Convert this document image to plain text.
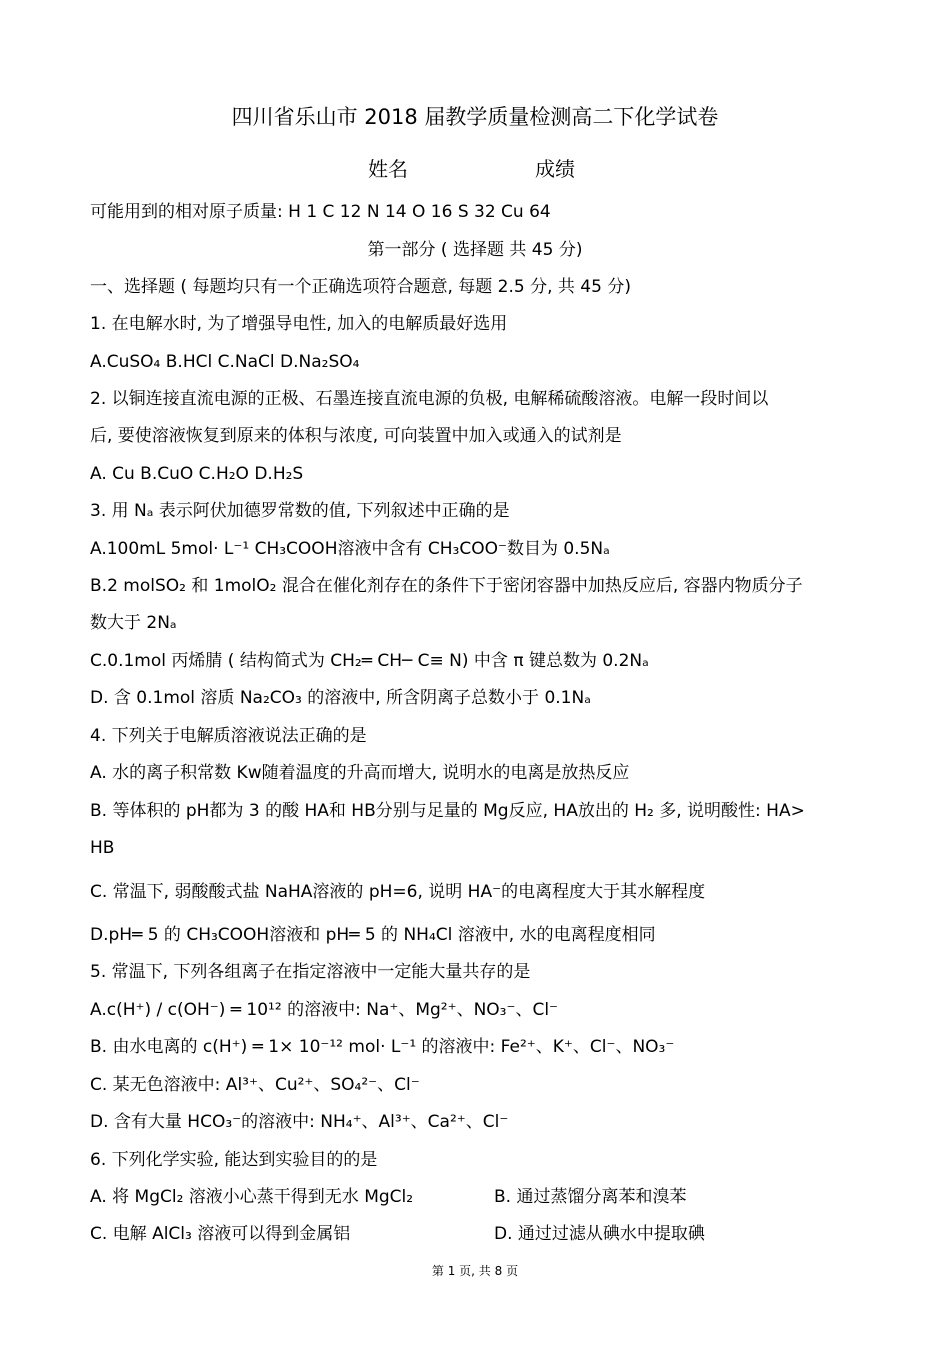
四川省乐山市 2018 届教学质量检测高二下化学试卷
姓名	成绩
可能用到的相对原子质量: H 1 C 12 N 14 O 16 S 32 Cu 64
第一部分 ( 选择题 共 45 分)
一、选择题 ( 每题均只有一个正确选项符合题意, 每题 2.5 分, 共 45 分)
1. 在电解水时, 为了增强导电性, 加入的电解质最好选用
A.CuSO₄ B.HCl C.NaCl D.Na₂SO₄
2. 以铜连接直流电源的正极、石墨连接直流电源的负极, 电解稀硫酸溶液。电解一段时间以
后, 要使溶液恢复到原来的体积与浓度, 可向装置中加入或通入的试剂是
A. Cu B.CuO C.H₂O D.H₂S
3. 用 Nₐ 表示阿伏加德罗常数的值, 下列叙述中正确的是
A.100mL 5mol· L⁻¹ CH₃COOH溶液中含有 CH₃COO⁻数目为 0.5Nₐ
B.2 molSO₂ 和 1molO₂ 混合在催化剂存在的条件下于密闭容器中加热反应后, 容器内物质分子
数大于 2Nₐ
C.0.1mol 丙烯腈 ( 结构简式为 CH₂═ CH─ C≡ N) 中含 π 键总数为 0.2Nₐ
D. 含 0.1mol 溶质 Na₂CO₃ 的溶液中, 所含阴离子总数小于 0.1Nₐ
4. 下列关于电解质溶液说法正确的是
A. 水的离子积常数 Kw随着温度的升高而增大, 说明水的电离是放热反应
B. 等体积的 pH都为 3 的酸 HA和 HB分别与足量的 Mg反应, HA放出的 H₂ 多, 说明酸性: HA>
HB
C. 常温下, 弱酸酸式盐 NaHA溶液的 pH=6, 说明 HA⁻的电离程度大于其水解程度
D.pH═ 5 的 CH₃COOH溶液和 pH═ 5 的 NH₄Cl 溶液中, 水的电离程度相同
5. 常温下, 下列各组离子在指定溶液中一定能大量共存的是
A.c(H⁺) / c(OH⁻) ═ 10¹² 的溶液中: Na⁺、Mg²⁺、NO₃⁻、Cl⁻
B. 由水电离的 c(H⁺) ═ 1× 10⁻¹² mol· L⁻¹ 的溶液中: Fe²⁺、K⁺、Cl⁻、NO₃⁻
C. 某无色溶液中: Al³⁺、Cu²⁺、SO₄²⁻、Cl⁻
D. 含有大量 HCO₃⁻的溶液中: NH₄⁺、Al³⁺、Ca²⁺、Cl⁻
6. 下列化学实验, 能达到实验目的的是
A. 将 MgCl₂ 溶液小心蒸干得到无水 MgCl₂	B. 通过蒸馏分离苯和溴苯
C. 电解 AlCl₃ 溶液可以得到金属铝	D. 通过过滤从碘水中提取碘
第 1 页, 共 8 页
